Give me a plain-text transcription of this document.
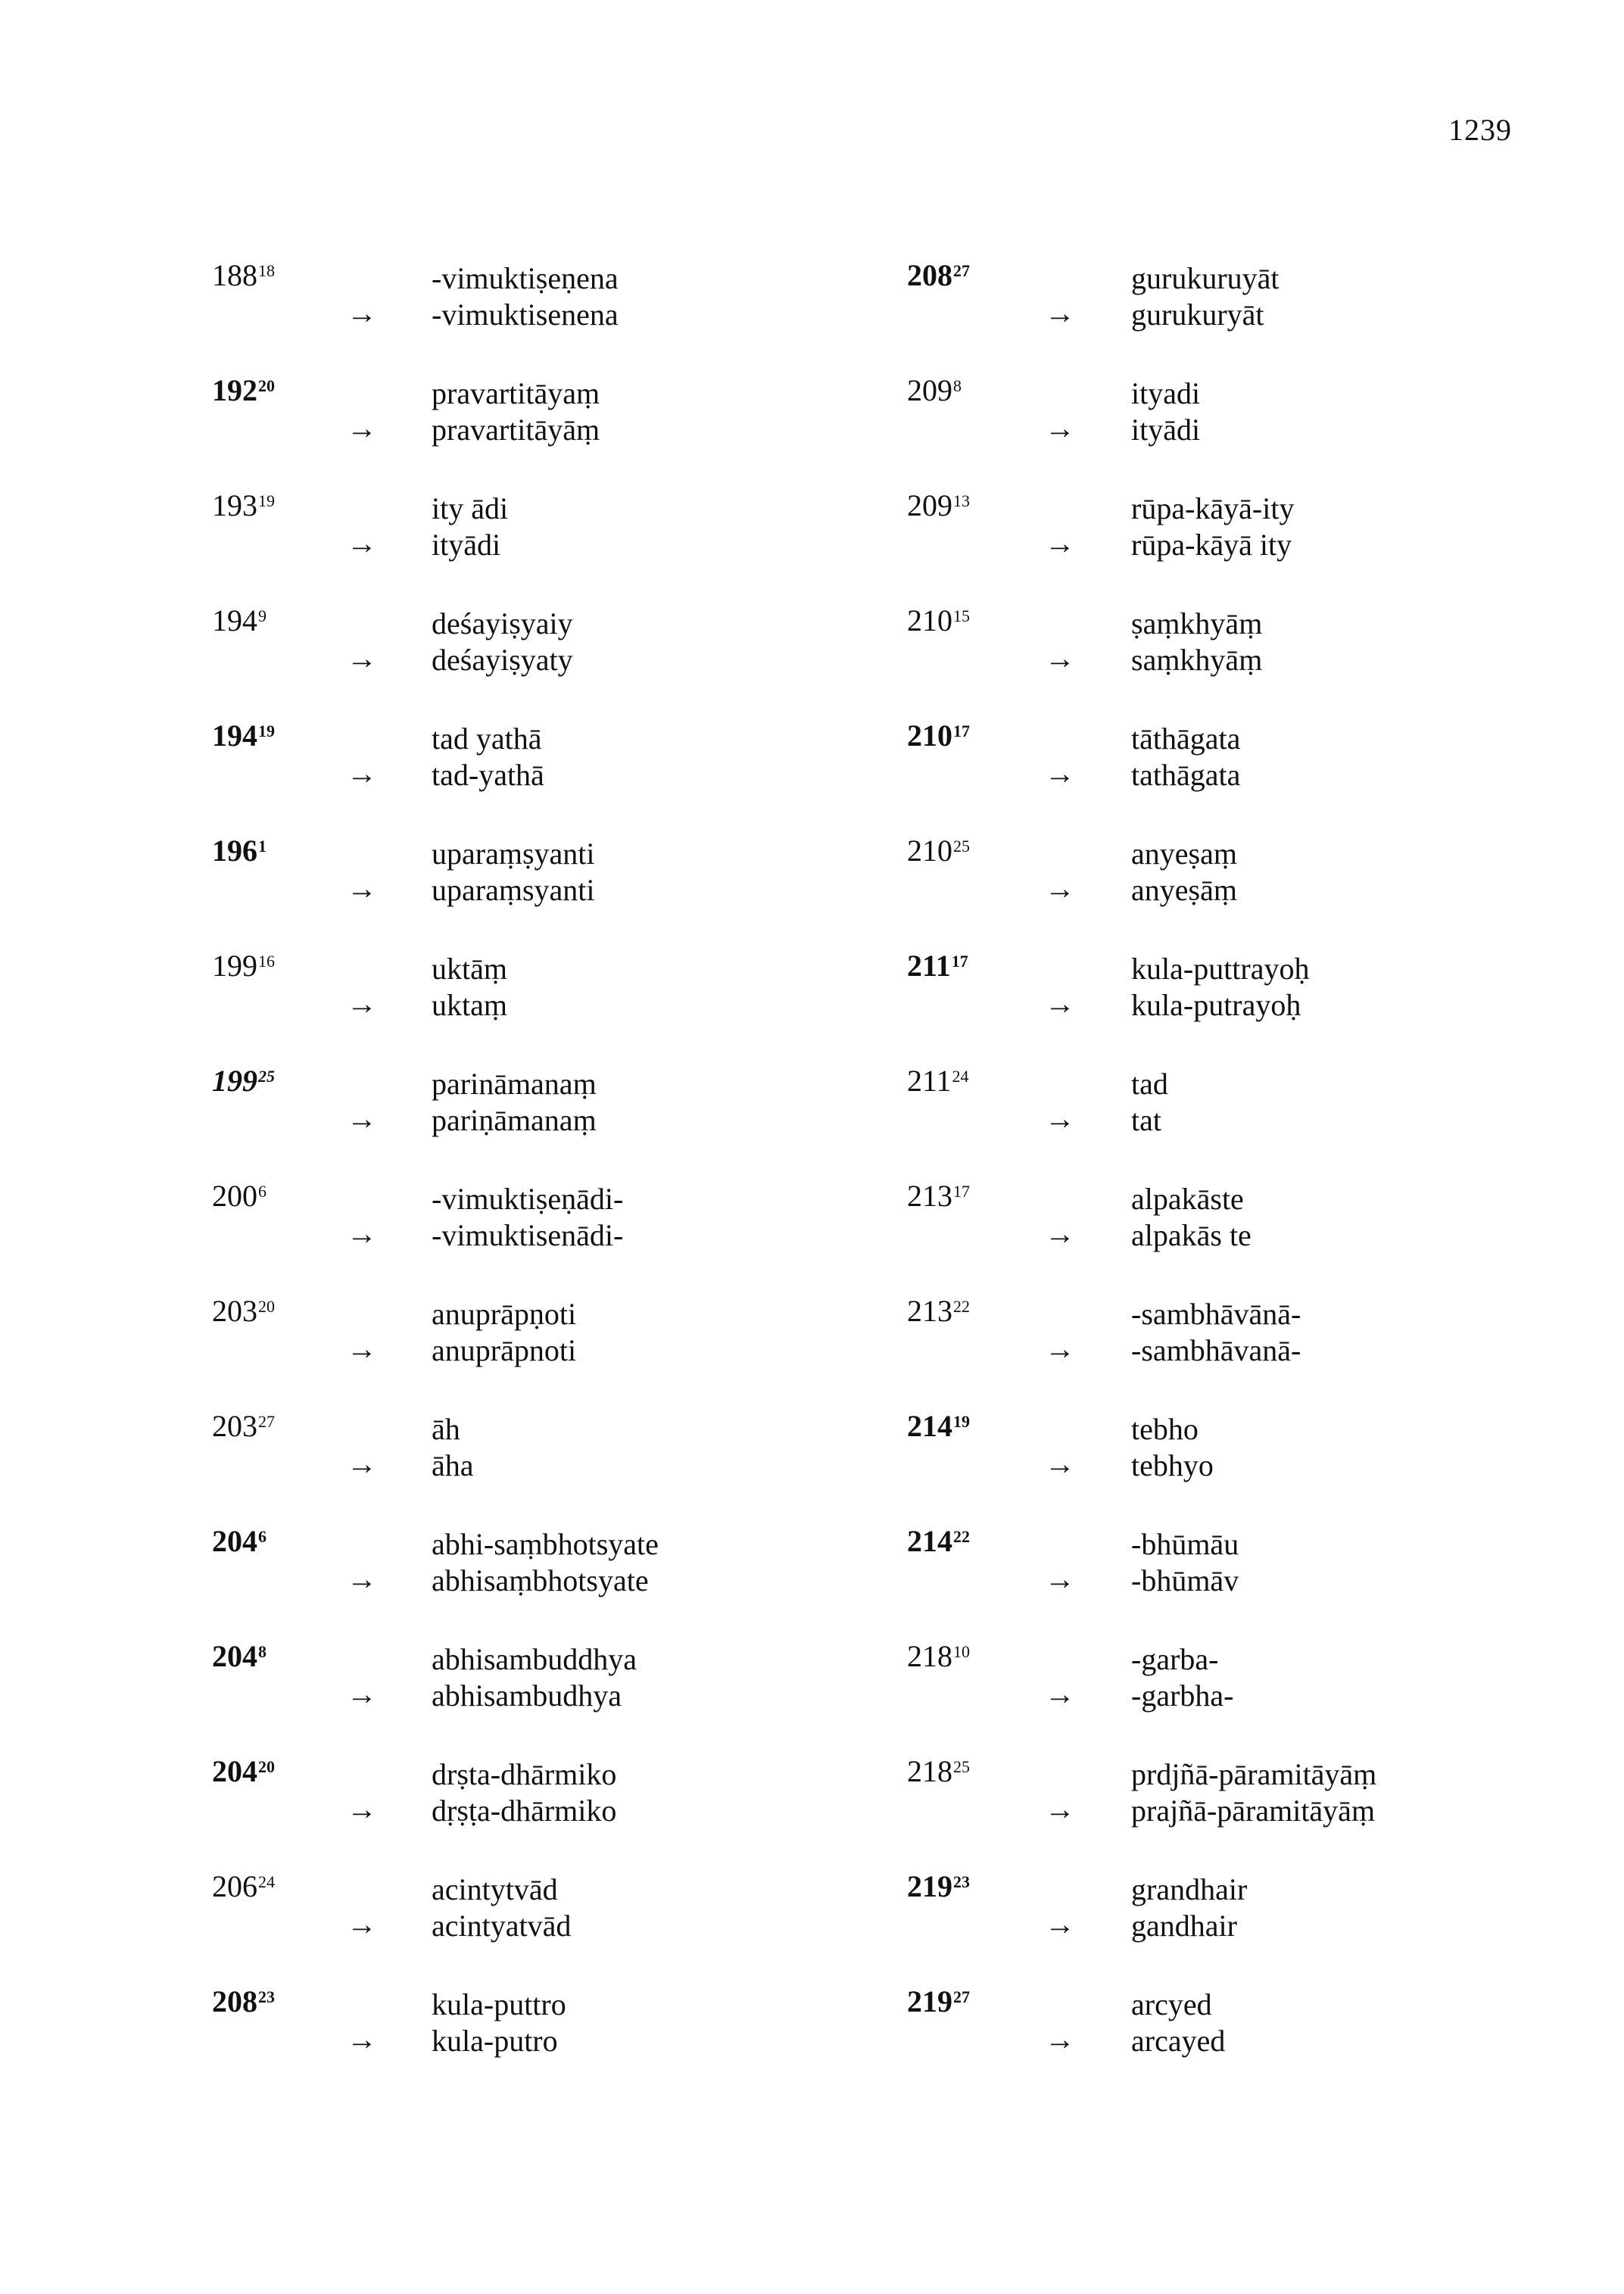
1239
$188^{18}$	-vimuktiṣeṇena
→ -vimuktisenena
$192^{20}$	pravartitāyaṃ
→ pravartitāyāṃ
$193^{19}$	ity ādi
→ ityādi
$194^9$	deśayiṣyaiy
→ deśayiṣyaty
$194^{19}$	tad yathā
→ tad-yathā
$196^1$	uparaṃṣyanti
→ uparaṃsyanti
$199^{16}$	uktāṃ
→ uktaṃ
$199^{25}$	parināmanaṃ
→ pariṇāmanaṃ
$200^6$	-vimuktiṣeṇādi-
→ -vimuktisenādi-
$203^{20}$	anuprāpṇoti
→ anuprāpnoti
$203^{27}$	āh
→ āha
$204^6$	abhi-saṃbhotsyate
→ abhisaṃbhotsyate
$204^8$	abhisambuddhya
→ abhisambudhya
$204^{20}$	drṣta-dhārmiko
→ dṛṣṭa-dhārmiko
$206^{24}$	acintytvād
→ acintyatvād
$208^{23}$	kula-puttro
→ kula-putro
$208^{27}$	gurukuruyāt
→ gurukuryāt
$209^8$	ityadi
→ ityādi
$209^{13}$	rūpa-kāyā-ity
→ rūpa-kāyā ity
$210^{15}$	ṣaṃkhyāṃ
→ saṃkhyāṃ
$210^{17}$	tāthāgata
→ tathāgata
$210^{25}$	anyeṣaṃ
→ anyeṣāṃ
$211^{17}$	kula-puttrayoḥ
→ kula-putrayoḥ
$211^{24}$	tad
→ tat
$213^{17}$	alpakāste
→ alpakās te
$213^{22}$	-sambhāvānā-
→ -sambhāvanā-
$214^{19}$	tebho
→ tebhyo
$214^{22}$	-bhūmāu
→ -bhūmāv
$218^{10}$	-garba-
→ -garbha-
$218^{25}$	prdjñā-pāramitāyāṃ
→ prajñā-pāramitāyāṃ
$219^{23}$	grandhair
→ gandhair
$219^{27}$	arcyed
→ arcayed
